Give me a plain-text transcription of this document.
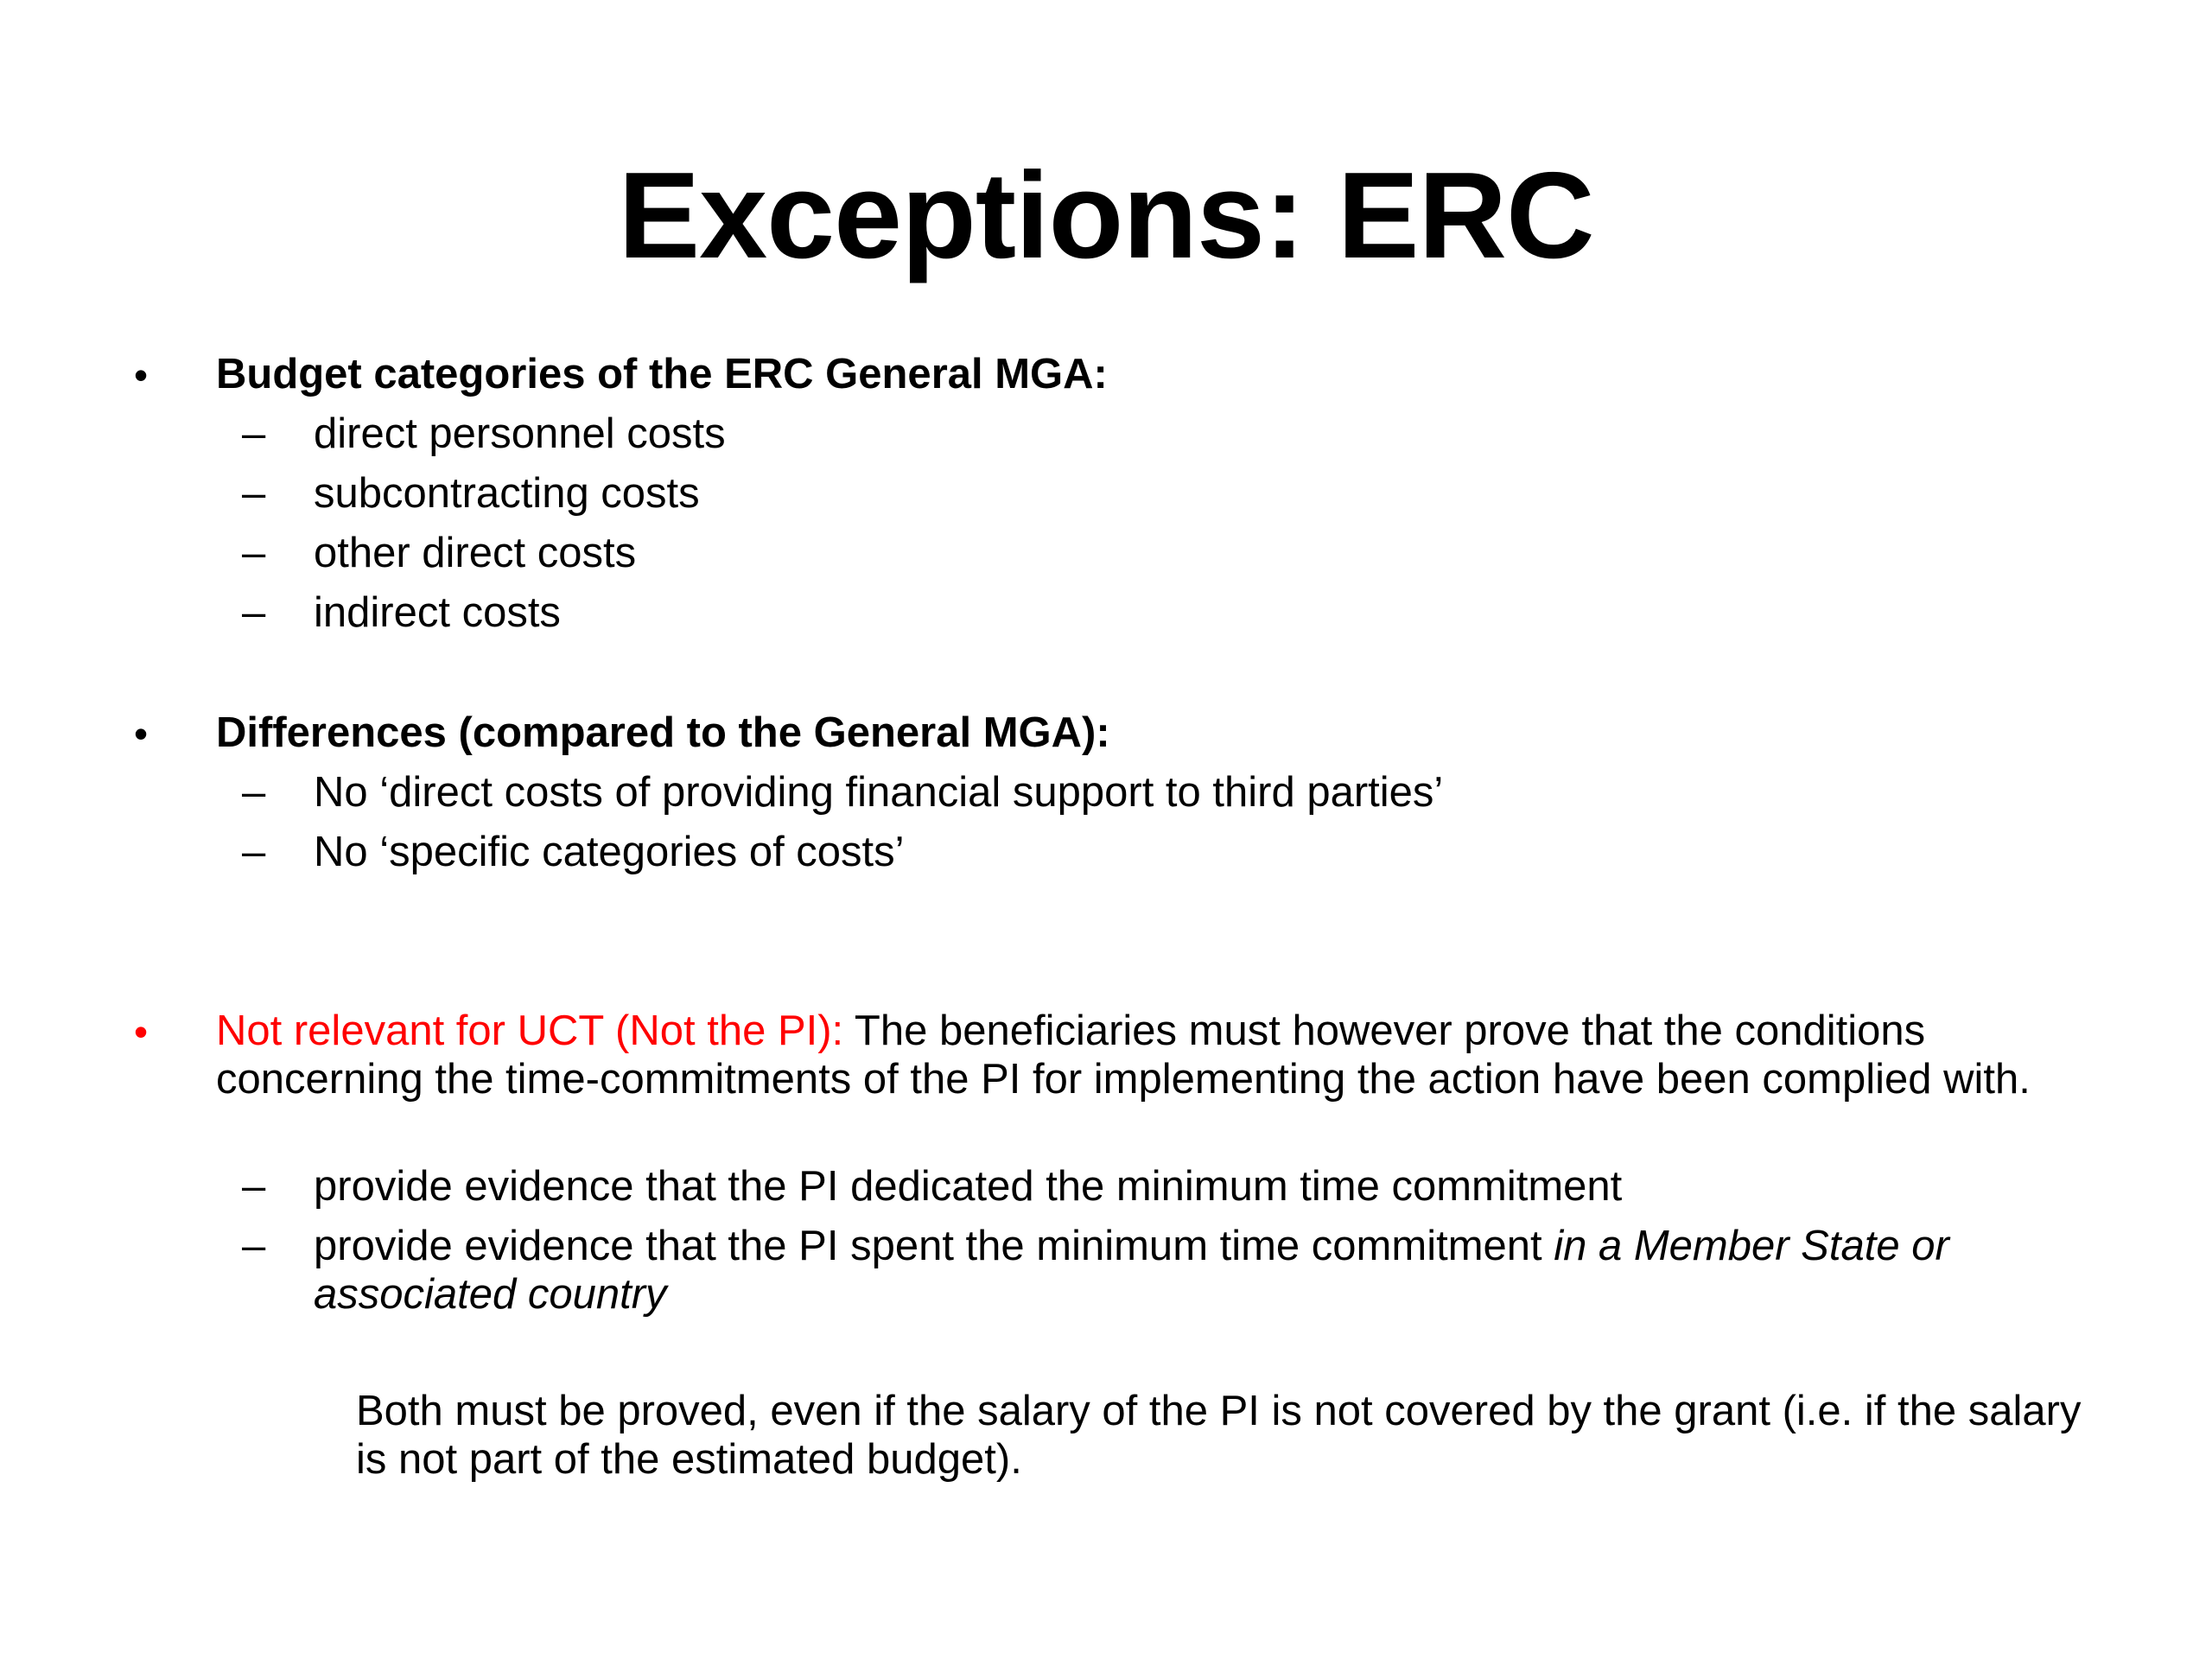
Exceptions: ERC
• Budget categories of the ERC General MGA:
– direct personnel costs
– subcontracting costs
– other direct costs
– indirect costs
• Differences (compared to the General MGA):
– No ‘direct costs of providing financial support to third parties’
– No ‘specific categories of costs’
• Not relevant for UCT (Not the PI): The beneficiaries must however prove that the conditions concerning the time-commitments of the PI for implementing the action have been complied with.
– provide evidence that the PI dedicated the minimum time commitment
– provide evidence that the PI spent the minimum time commitment in a Member State or associated country
Both must be proved, even if the salary of the PI is not covered by the grant (i.e. if the salary is not part of the estimated budget).
